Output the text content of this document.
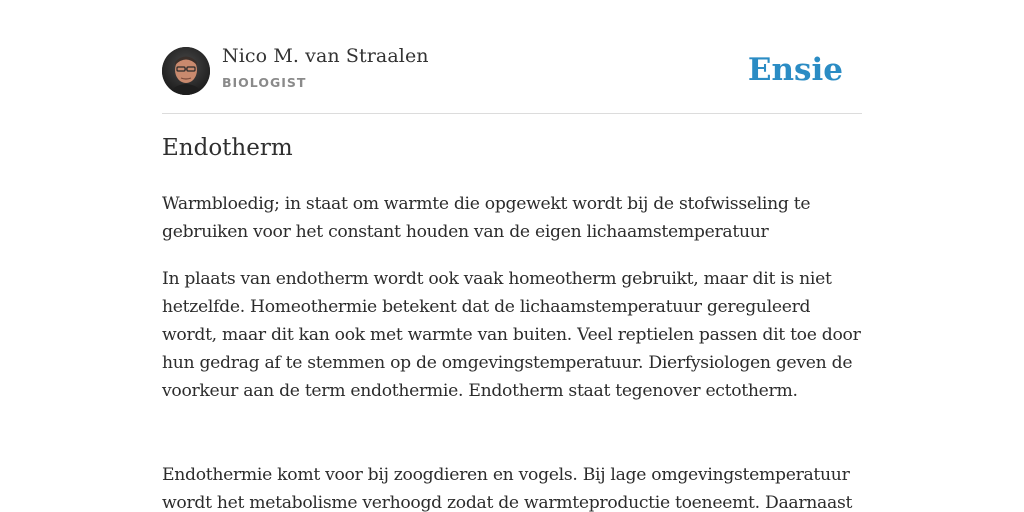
Nico M. van Straalen
BIOLOGIST	Ensie
Endotherm

Warmbloedig; in staat om warmte die opgewekt wordt bij de stofwisseling te gebruiken voor het constant houden van de eigen lichaamstemperatuur

In plaats van endotherm wordt ook vaak homeotherm gebruikt, maar dit is niet hetzelfde. Homeothermie betekent dat de lichaamstemperatuur gereguleerd wordt, maar dit kan ook met warmte van buiten. Veel reptielen passen dit toe door hun gedrag af te stemmen op de omgevingstemperatuur. Dierfysiologen geven de voorkeur aan de term endothermie. Endotherm staat tegenover ectotherm.

Endothermie komt voor bij zoogdieren en vogels. Bij lage omgevingstemperatuur wordt het metabolisme verhoogd zodat de warmteproductie toeneemt. Daarnaast
